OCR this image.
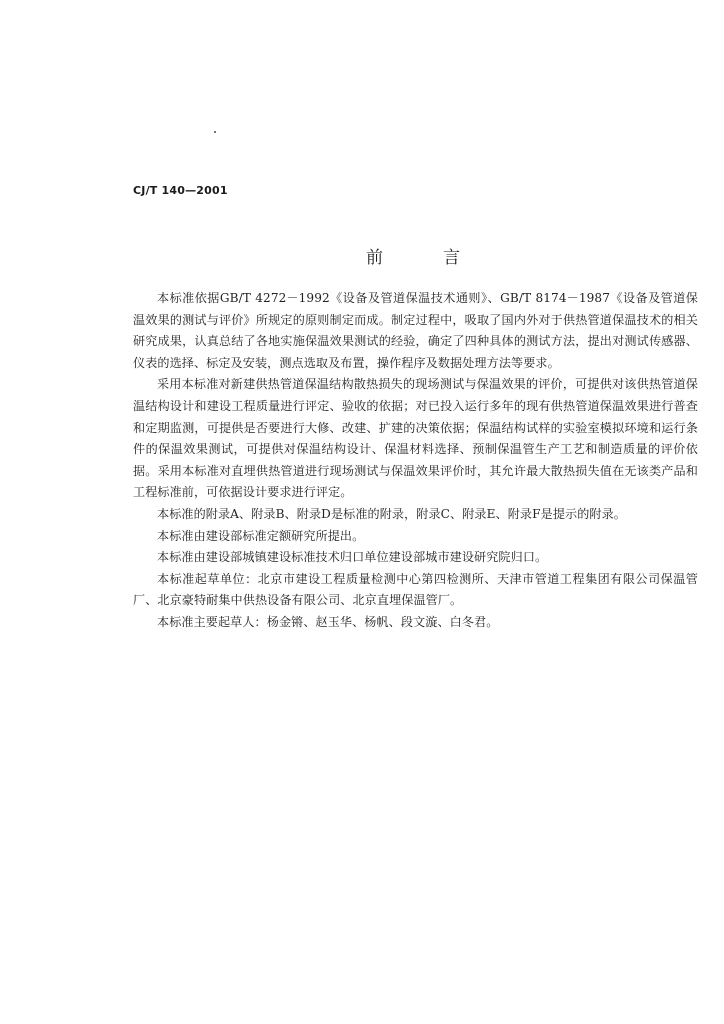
CJ/T 140—2001

前言

本标准依据GB/T 4272－1992《设备及管道保温技术通则》、GB/T 8174－1987《设备及管道保温效果的测试与评价》所规定的原则制定而成。制定过程中，吸取了国内外对于供热管道保温技术的相关研究成果，认真总结了各地实施保温效果测试的经验，确定了四种具体的测试方法，提出对测试传感器、仪表的选择、标定及安装，测点选取及布置，操作程序及数据处理方法等要求。

采用本标准对新建供热管道保温结构散热损失的现场测试与保温效果的评价，可提供对该供热管道保温结构设计和建设工程质量进行评定、验收的依据；对已投入运行多年的现有供热管道保温效果进行普查和定期监测，可提供是否要进行大修、改建、扩建的决策依据；保温结构试样的实验室模拟环境和运行条件的保温效果测试，可提供对保温结构设计、保温材料选择、预制保温管生产工艺和制造质量的评价依据。采用本标准对直埋供热管道进行现场测试与保温效果评价时，其允许最大散热损失值在无该类产品和工程标准前，可依据设计要求进行评定。

本标准的附录A、附录B、附录D是标准的附录，附录C、附录E、附录F是提示的附录。

本标准由建设部标准定额研究所提出。

本标准由建设部城镇建设标准技术归口单位建设部城市建设研究院归口。

本标准起草单位：北京市建设工程质量检测中心第四检测所、天津市管道工程集团有限公司保温管厂、北京豪特耐集中供热设备有限公司、北京直埋保温管厂。

本标准主要起草人：杨金锵、赵玉华、杨帆、段文漩、白冬君。
